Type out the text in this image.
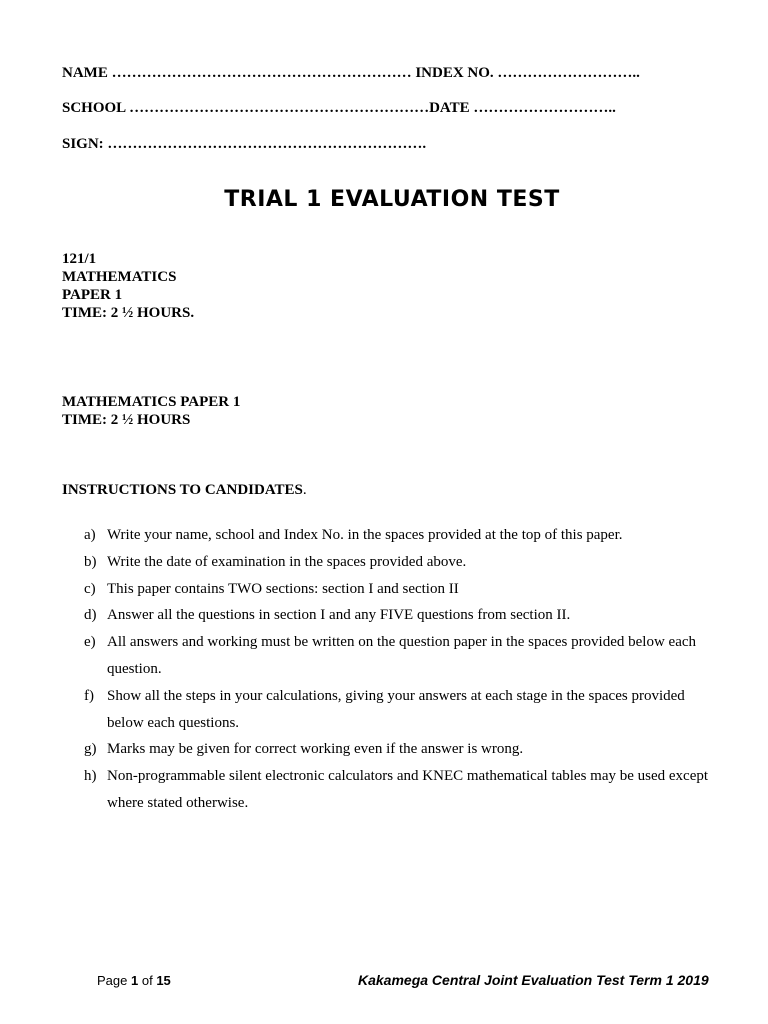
NAME …………………………………………………… INDEX NO. ………………………..
SCHOOL ……………………………………………………DATE ………………………..
SIGN: ……………………………………………………….
TRIAL 1 EVALUATION TEST
121/1
MATHEMATICS
PAPER 1
TIME: 2 ½ HOURS.
MATHEMATICS PAPER 1
TIME: 2 ½ HOURS
INSTRUCTIONS TO CANDIDATES.
a) Write your name, school and Index No. in the spaces provided at the top of this paper.
b) Write the date of examination in the spaces provided above.
c) This paper contains TWO sections: section I and section II
d) Answer all the questions in section I and any FIVE questions from section II.
e) All answers and working must be written on the question paper in the spaces provided below each question.
f) Show all the steps in your calculations, giving your answers at each stage in the spaces provided below each questions.
g) Marks may be given for correct working even if the answer is wrong.
h) Non-programmable silent electronic calculators and KNEC mathematical tables may be used except where stated otherwise.
Page 1 of 15	Kakamega Central Joint Evaluation Test Term 1 2019
